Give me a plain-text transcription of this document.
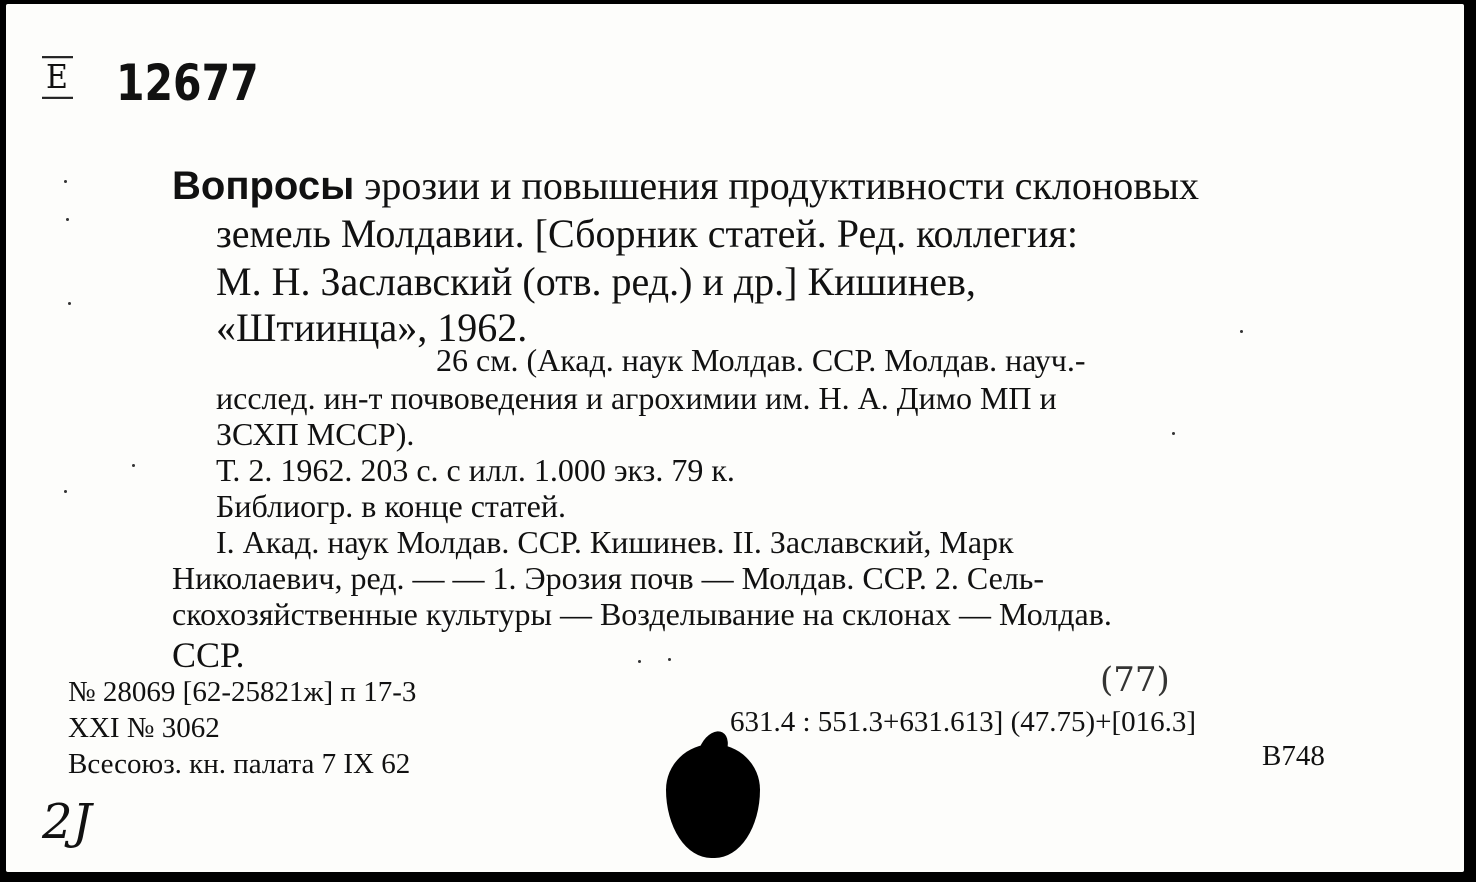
E 12677
Вопросы эрозии и повышения продуктивности склоновых
земель Молдавии. [Сборник статей. Ред. коллегия:
М. Н. Заславский (отв. ред.) и др.] Кишинев,
«Штиинца», 1962.
26 см. (Акад. наук Молдав. ССР. Молдав. науч.-
исслед. ин-т почвоведения и агрохимии им. Н. А. Димо МП и
ЗСХП МССР).
Т. 2. 1962. 203 с. с илл. 1.000 экз. 79 к.
Библиогр. в конце статей.
I. Акад. наук Молдав. ССР. Кишинев. II. Заславский, Марк
Николаевич, ред. — — 1. Эрозия почв — Молдав. ССР. 2. Сель-
скохозяйственные культуры — Возделывание на склонах — Молдав.
ССР.
№ 28069 [62-25821ж] п 17-3
XXI № 3062
Всесоюз. кн. палата 7 IX 62
631.4 : 551.3+631.613] (47.75)+[016.3]
B748
(77)
2J
